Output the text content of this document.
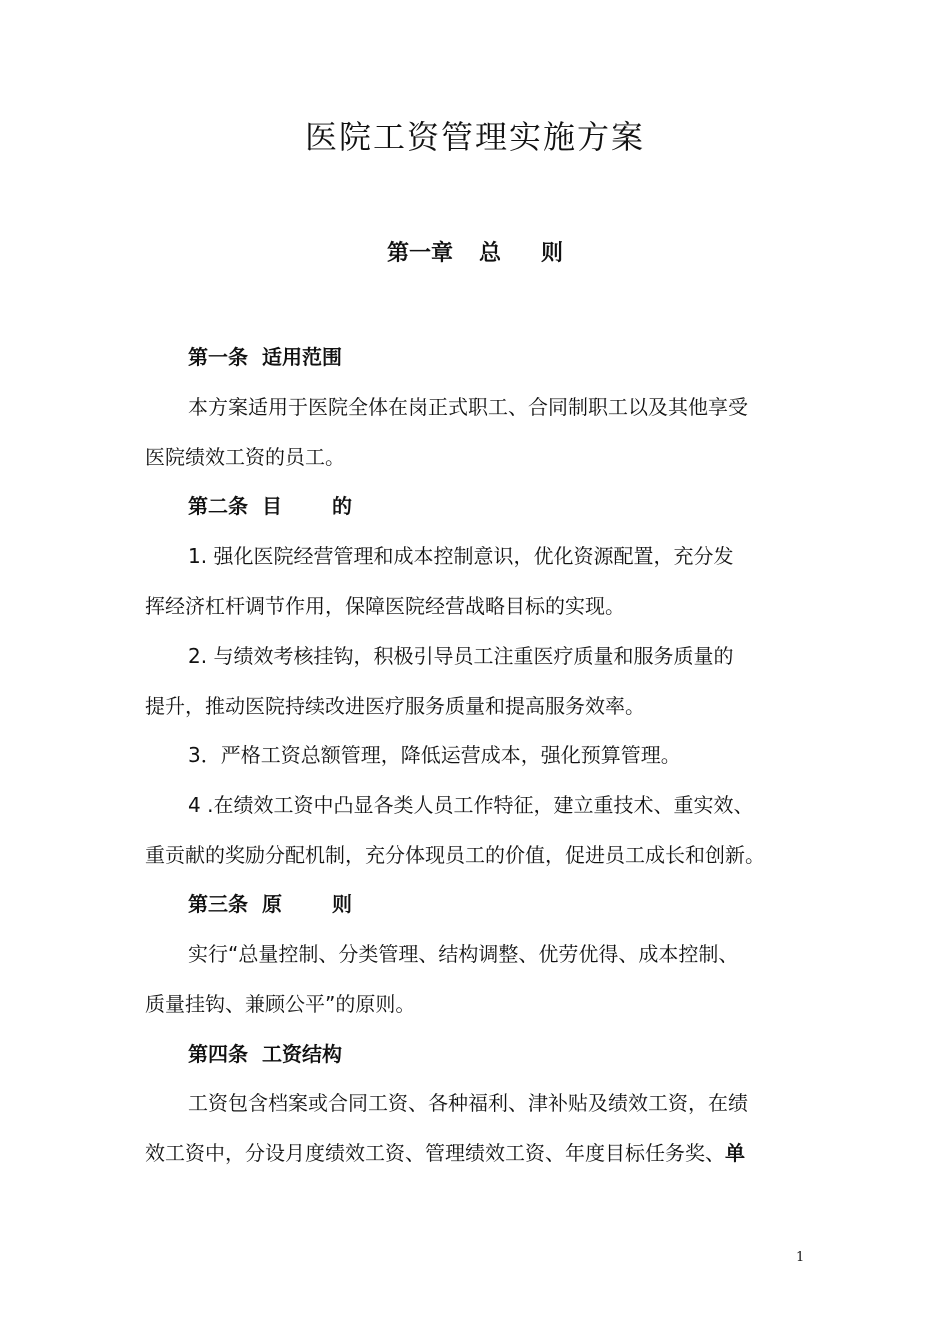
医院工资管理实施方案
第一章 总 则
第一条 适用范围
本方案适用于医院全体在岗正式职工、合同制职工以及其他享受
医院绩效工资的员工。
第二条 目	的
1. 强化医院经营管理和成本控制意识，优化资源配置，充分发
挥经济杠杆调节作用，保障医院经营战略目标的实现。
2. 与绩效考核挂钩，积极引导员工注重医疗质量和服务质量的
提升，推动医院持续改进医疗服务质量和提高服务效率。
3．严格工资总额管理，降低运营成本，强化预算管理。
4 .在绩效工资中凸显各类人员工作特征，建立重技术、重实效、
重贡献的奖励分配机制，充分体现员工的价值，促进员工成长和创新。
第三条 原	则
实行“总量控制、分类管理、结构调整、优劳优得、成本控制、
质量挂钩、兼顾公平”的原则。
第四条 工资结构
工资包含档案或合同工资、各种福利、津补贴及绩效工资，在绩
效工资中，分设月度绩效工资、管理绩效工资、年度目标任务奖、单
1
